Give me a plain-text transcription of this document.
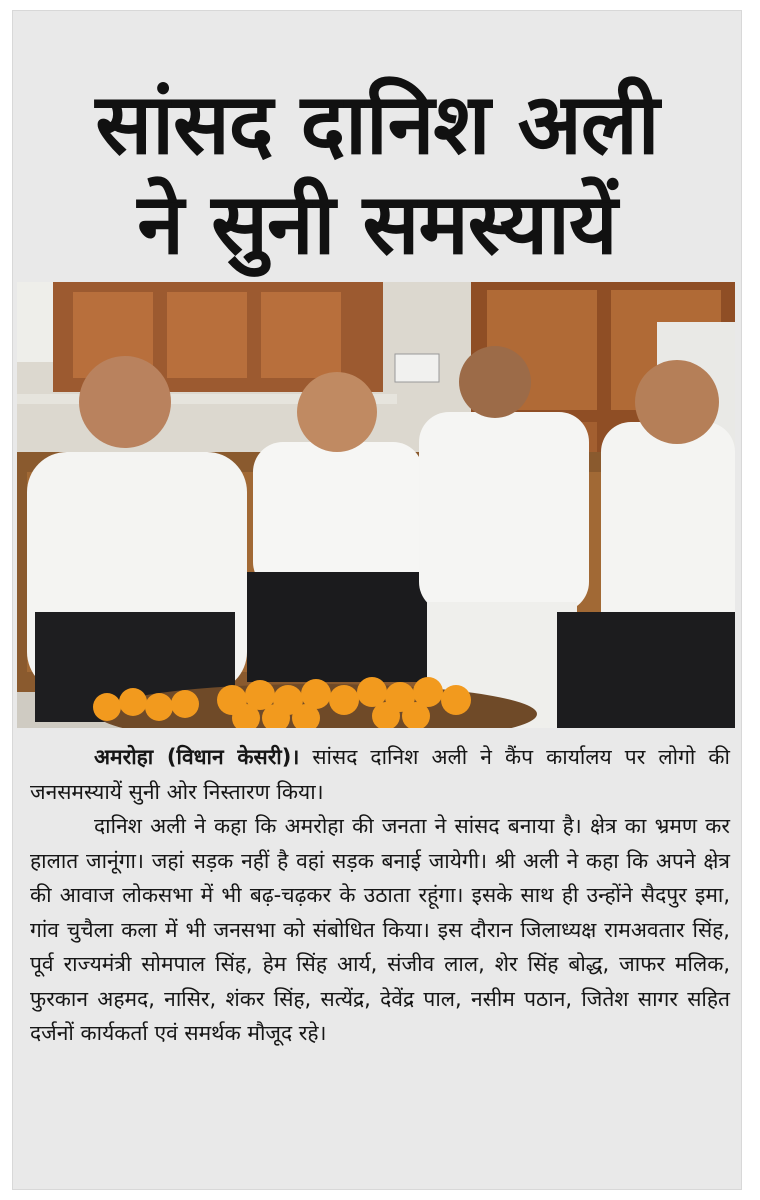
सांसद दानिश अली
ने सुनी समस्यायें

अमरोहा (विधान केसरी)। सांसद दानिश अली ने कैंप कार्यालय पर लोगो की जनसमस्यायें सुनी ओर निस्तारण किया।

दानिश अली ने कहा कि अमरोहा की जनता ने सांसद बनाया है। क्षेत्र का भ्रमण कर हालात जानूंगा। जहां सड़क नहीं है वहां सड़क बनाई जायेगी। श्री अली ने कहा कि अपने क्षेत्र की आवाज लोकसभा में भी बढ़-चढ़कर के उठाता रहूंगा। इसके साथ ही उन्होंने सैदपुर इमा, गांव चुचैला कला में भी जनसभा को संबोधित किया। इस दौरान जिलाध्यक्ष रामअवतार सिंह, पूर्व राज्यमंत्री सोमपाल सिंह, हेम सिंह आर्य, संजीव लाल, शेर सिंह बोद्ध, जाफर मलिक, फुरकान अहमद, नासिर, शंकर सिंह, सत्येंद्र, देवेंद्र पाल, नसीम पठान, जितेश सागर सहित दर्जनों कार्यकर्ता एवं समर्थक मौजूद रहे।
